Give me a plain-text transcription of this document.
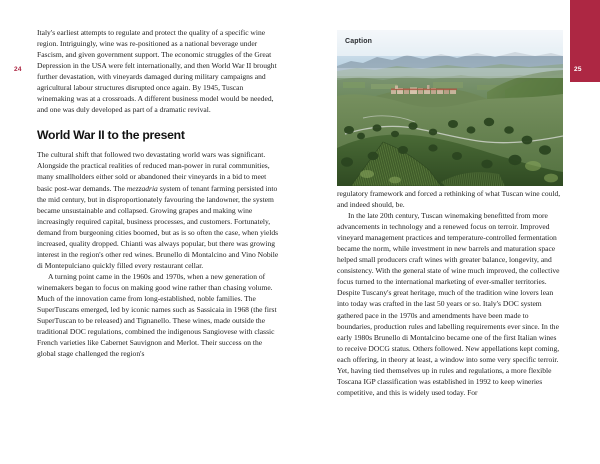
25
24

Italy's earliest attempts to regulate and protect the quality of a specific wine region. Intriguingly, wine was re-positioned as a national beverage under Fascism, and given government support. The economic struggles of the Great Depression in the USA were felt internationally, and then World War II brought further devastation, with vineyards damaged during military campaigns and agricultural labour structures disrupted once again. By 1945, Tuscan winemaking was at a crossroads. A different business model would be needed, and one was duly developed as part of a dramatic revival.

World War II to the present

The cultural shift that followed two devastating world wars was significant. Alongside the practical realities of reduced man-power in rural communities, many smallholders either sold or abandoned their vineyards in a bid to meet basic post-war demands. The mezzadria system of tenant farming persisted into the mid century, but in disproportionately favouring the landowner, the system became unsustainable and collapsed. Growing grapes and making wine increasingly required capital, business processes, and customers. Fortunately, demand from burgeoning cities boomed, but as is so often the case, when yields increased, quality dropped. Chianti was always popular, but there was growing interest in the region's other red wines. Brunello di Montalcino and Vino Nobile di Montepulciano quickly filled every restaurant cellar.

A turning point came in the 1960s and 1970s, when a new generation of winemakers began to focus on making good wine rather than chasing volume. Much of the innovation came from long-established, noble families. The SuperTuscans emerged, led by iconic names such as Sassicaia in 1968 (the first SuperTuscan to be released) and Tignanello. These wines, made outside the traditional DOC regulations, combined the indigenous Sangiovese with classic French varieties like Cabernet Sauvignon and Merlot. Their success on the global stage challenged the region's

Caption

regulatory framework and forced a rethinking of what Tuscan wine could, and indeed should, be.

In the late 20th century, Tuscan winemaking benefitted from more advancements in technology and a renewed focus on terroir. Improved vineyard management practices and temperature-controlled fermentation became the norm, while investment in new barrels and maturation space helped small producers craft wines with greater balance, longevity, and consistency. With the general state of wine much improved, the collective focus turned to the international marketing of ever-smaller territories. Despite Tuscany's great heritage, much of the tradition wine lovers lean into today was crafted in the last 50 years or so. Italy's DOC system gathered pace in the 1970s and amendments have been made to boundaries, production rules and labelling requirements ever since. In the early 1980s Brunello di Montalcino became one of the first Italian wines to receive DOCG status. Others followed. New appellations kept coming, each offering, in theory at least, a window into some very specific terroir. Yet, having tied themselves up in rules and regulations, a more flexible Toscana IGP classification was established in 1992 to keep wineries competitive, and this is widely used today. For
